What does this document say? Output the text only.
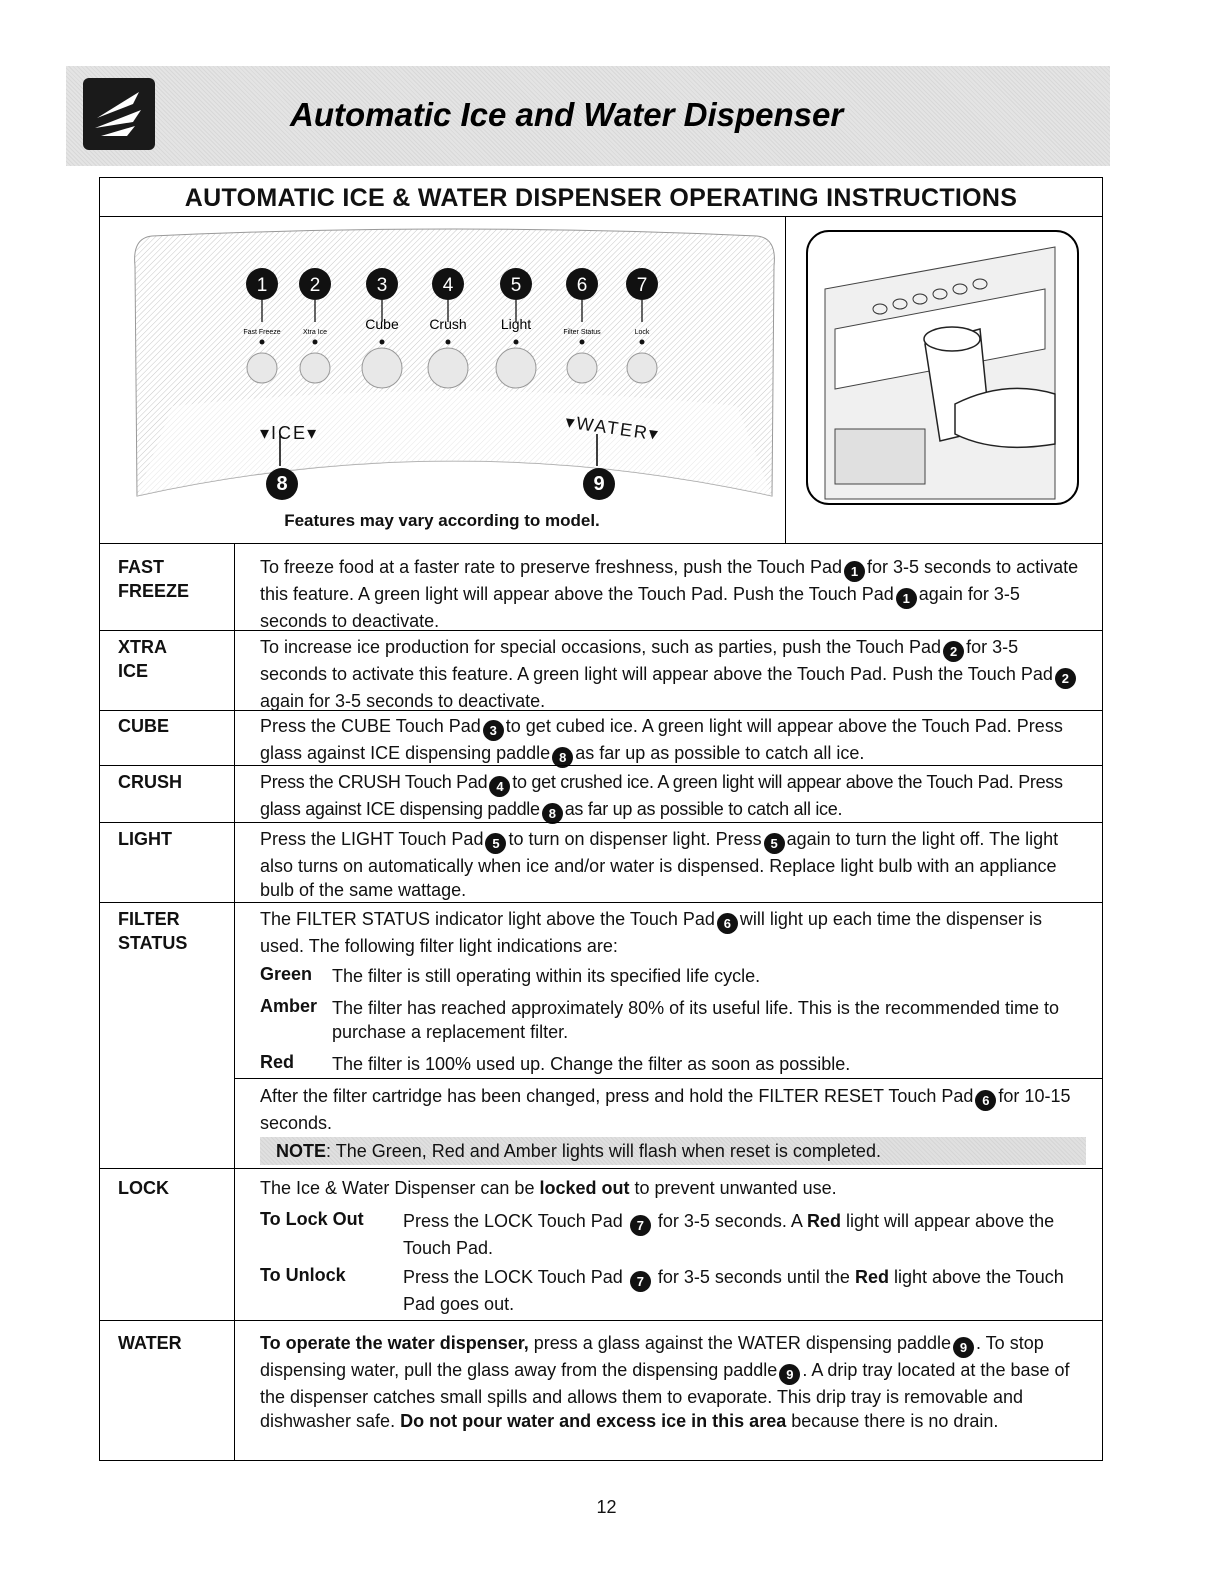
Automatic Ice and Water Dispenser
AUTOMATIC ICE & WATER DISPENSER OPERATING INSTRUCTIONS
1
Fast Freeze
2
Xtra Ice
3
Cube
4
Crush
5
Light
6
Filter Status
7
Lock
▾ICE▾
▾WATER▾
8	9
Features may vary according to model.
FAST
FREEZE
To freeze food at a faster rate to preserve freshness, push the Touch Pad 1 for 3-5 seconds to activate this feature. A green light will appear above the Touch Pad. Push the Touch Pad 1 again for 3-5 seconds to deactivate.
XTRA
ICE
To increase ice production for special occasions, such as parties, push the Touch Pad 2 for 3-5 seconds to activate this feature. A green light will appear above the Touch Pad. Push the Touch Pad 2again for 3-5 seconds to deactivate.
CUBE	Press the CUBE Touch Pad 3 to get cubed ice. A green light will appear above the Touch Pad. Press glass against ICE dispensing paddle 8 as far up as possible to catch all ice.
CRUSH	Press the CRUSH Touch Pad 4 to get crushed ice. A green light will appear above the Touch Pad. Press glass against ICE dispensing paddle 8 as far up as possible to catch all ice.
LIGHT	Press the LIGHT Touch Pad 5 to turn on dispenser light. Press 5 again to turn the light off. The light also turns on automatically when ice and/or water is dispensed. Replace light bulb with an appliance bulb of the same wattage.
FILTER
STATUS
The FILTER STATUS indicator light above the Touch Pad 6 will light up each time the dispenser is used. The following filter light indications are:
Green The filter is still operating within its specified life cycle.
Amber The filter has reached approximately 80% of its useful life. This is the recommended time to purchase a replacement filter.
Red The filter is 100% used up. Change the filter as soon as possible.
After the filter cartridge has been changed, press and hold the FILTER RESET Touch Pad 6 for 10-15 seconds.
NOTE: The Green, Red and Amber lights will flash when reset is completed.
LOCK	The Ice & Water Dispenser can be locked out to prevent unwanted use.
To Lock Out Press the LOCK Touch Pad 7 for 3-5 seconds. A Red light will appear above the Touch Pad.
To Unlock	Press the LOCK Touch Pad 7 for 3-5 seconds until the Red light above the Touch Pad goes out.
WATER	To operate the water dispenser, press a glass against the WATER dispensing paddle 9 . To stop dispensing water, pull the glass away from the dispensing paddle 9 . A drip tray located at the base of the dispenser catches small spills and allows them to evaporate. This drip tray is removable and dishwasher safe. Do not pour water and excess ice in this area because there is no drain.
12
